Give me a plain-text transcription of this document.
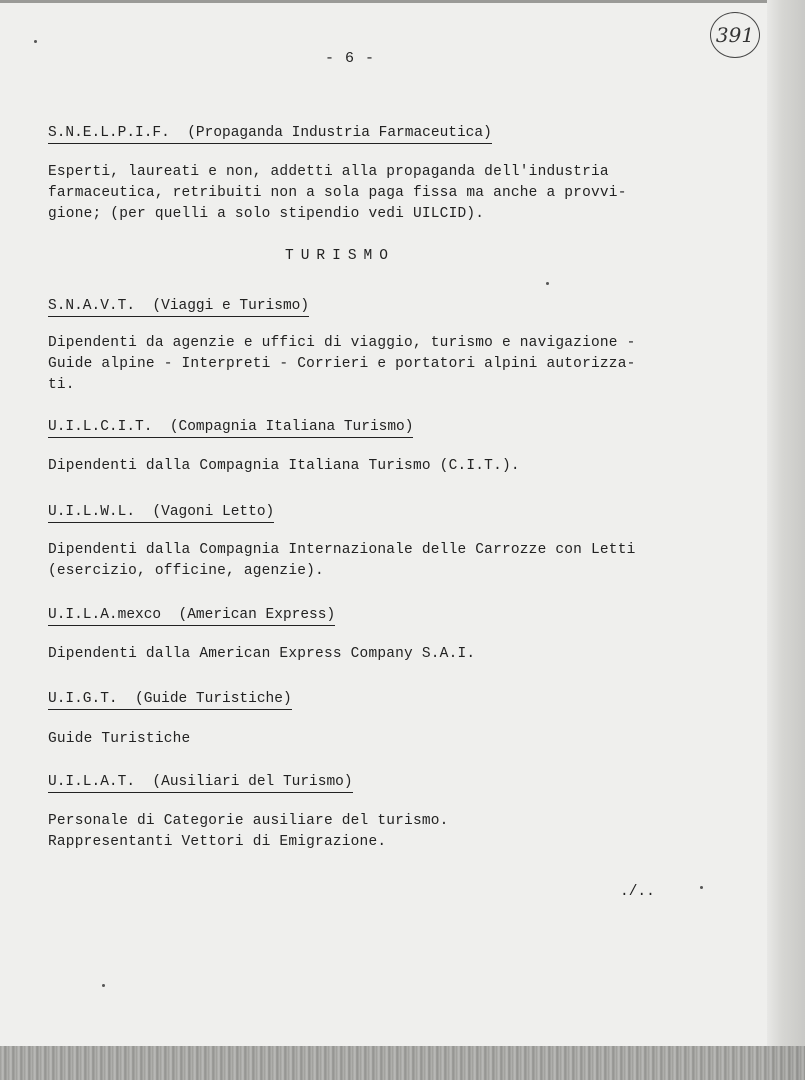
391
- 6 -
S.N.E.L.P.I.F.  (Propaganda Industria Farmaceutica)
Esperti, laureati e non, addetti alla propaganda dell'industria
farmaceutica, retribuiti non a sola paga fissa ma anche a provvi-
gione; (per quelli a solo stipendio vedi UILCID).
TURISMO
S.N.A.V.T.  (Viaggi e Turismo)
Dipendenti da agenzie e uffici di viaggio, turismo e navigazione -
Guide alpine - Interpreti - Corrieri e portatori alpini autorizza-
ti.
U.I.L.C.I.T.  (Compagnia Italiana Turismo)
Dipendenti dalla Compagnia Italiana Turismo (C.I.T.).
U.I.L.W.L.  (Vagoni Letto)
Dipendenti dalla Compagnia Internazionale delle Carrozze con Letti
(esercizio, officine, agenzie).
U.I.L.A.mexco  (American Express)
Dipendenti dalla American Express Company S.A.I.
U.I.G.T.  (Guide Turistiche)
Guide Turistiche
U.I.L.A.T.  (Ausiliari del Turismo)
Personale di Categorie ausiliare del turismo.
Rappresentanti Vettori di Emigrazione.
./..
